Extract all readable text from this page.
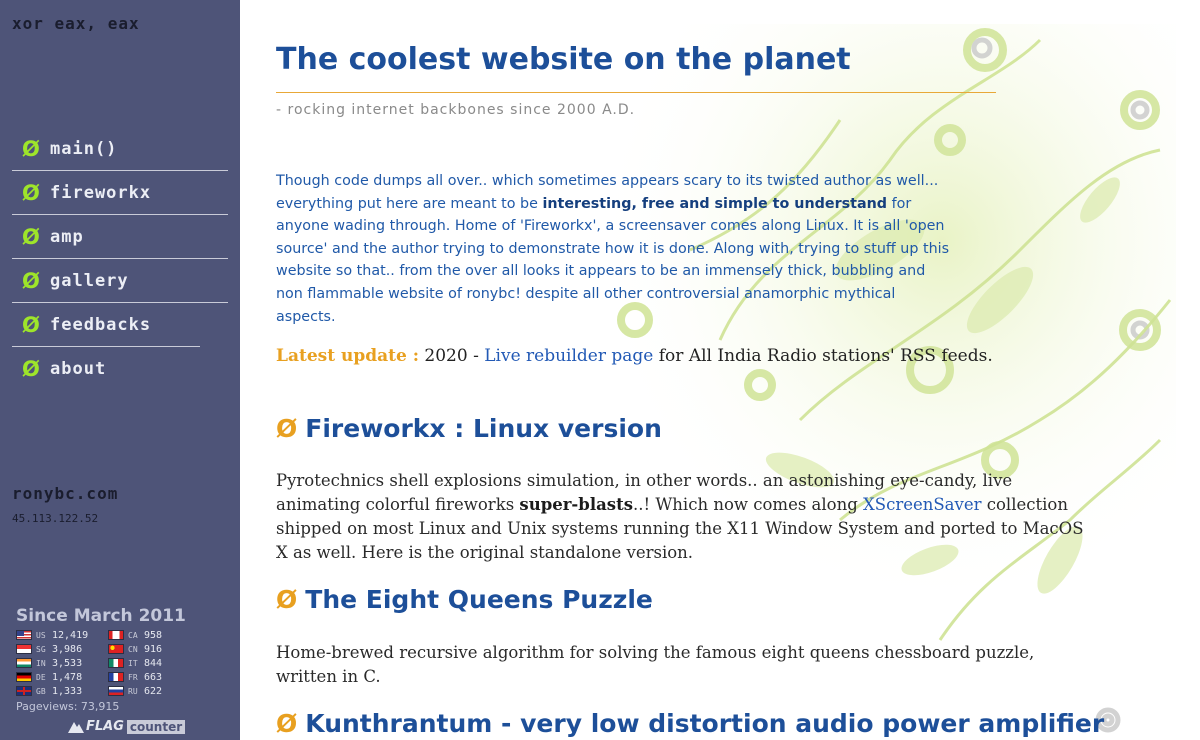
xor eax, eax
Ø main()
Ø fireworkx
Ø amp
Ø gallery
Ø feedbacks
Ø about
ronybc.com
45.113.122.52
Since March 2011
US 12,419
SG 3,986
IN 3,533
DE 1,478
GB 1,333
CA 958
CN 916
IT 844
FR 663
RU 622
Pageviews: 73,915
FLAG counter
The coolest website on the planet
- rocking internet backbones since 2000 A.D.

Though code dumps all over.. which sometimes appears scary to its twisted author as well... everything put here are meant to be interesting, free and simple to understand for anyone wading through. Home of 'Fireworkx', a screensaver comes along Linux. It is all 'open source' and the author trying to demonstrate how it is done. Along with, trying to stuff up this website so that.. from the over all looks it appears to be an immensely thick, bubbling and non flammable website of ronybc! despite all other controversial anamorphic mythical aspects.

Latest update : 2020 - Live rebuilder page for All India Radio stations' RSS feeds.
Ø Fireworkx : Linux version

Pyrotechnics shell explosions simulation, in other words.. an astonishing eye-candy, live animating colorful fireworks super-blasts..! Which now comes along XScreenSaver collection shipped on most Linux and Unix systems running the X11 Window System and ported to MacOS X as well. Here is the original standalone version.

Ø The Eight Queens Puzzle

Home-brewed recursive algorithm for solving the famous eight queens chessboard puzzle, written in C.

Ø Kunthrantum - very low distortion audio power amplifier
